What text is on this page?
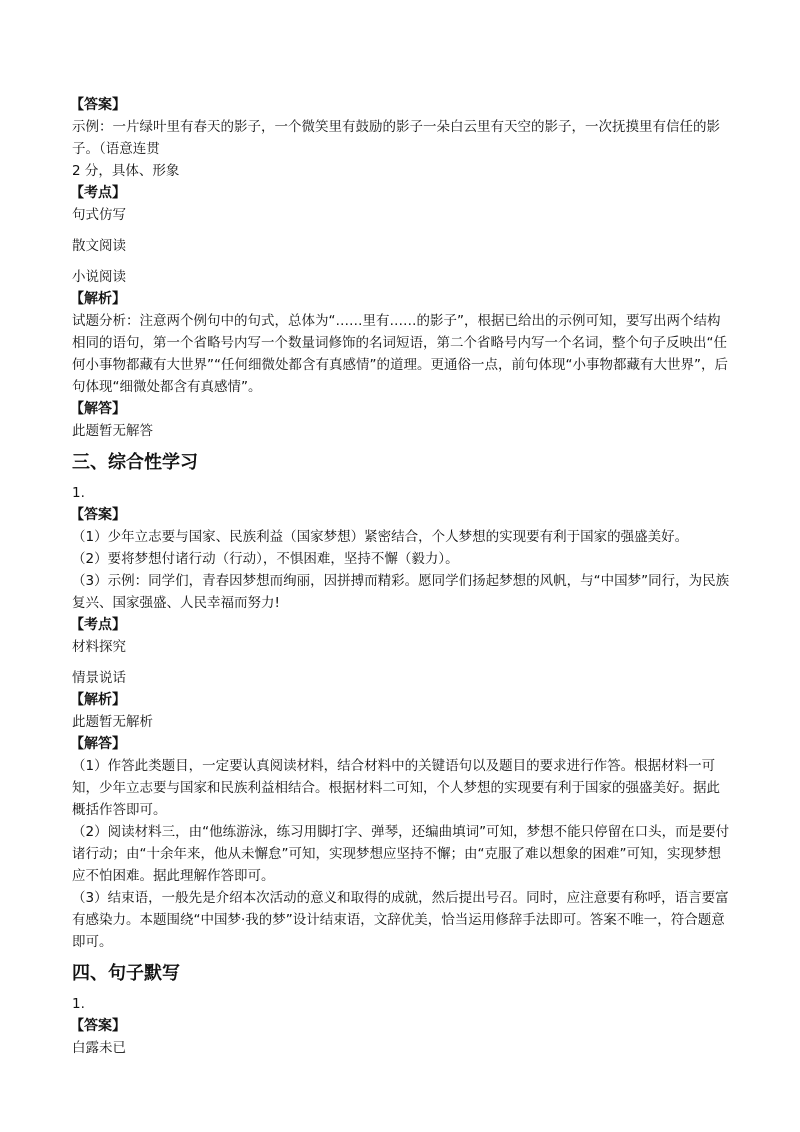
【答案】

示例：一片绿叶里有春天的影子，一个微笑里有鼓励的影子一朵白云里有天空的影子，一次抚摸里有信任的影子。（语意连贯

2 分，具体、形象

【考点】

句式仿写

散文阅读

小说阅读

【解析】

试题分析：注意两个例句中的句式，总体为“……里有……的影子”，根据已给出的示例可知，要写出两个结构相同的语句，第一个省略号内写一个数量词修饰的名词短语，第二个省略号内写一个名词，整个句子反映出“任何小事物都藏有大世界”“任何细微处都含有真感情”的道理。更通俗一点，前句体现“小事物都藏有大世界”，后句体现“细微处都含有真感情”。

【解答】

此题暂无解答

三、综合性学习

1.

【答案】

（1）少年立志要与国家、民族利益（国家梦想）紧密结合，个人梦想的实现要有利于国家的强盛美好。

（2）要将梦想付诸行动（行动），不惧困难，坚持不懈（毅力）。

（3）示例：同学们，青春因梦想而绚丽，因拼搏而精彩。愿同学们扬起梦想的风帆，与“中国梦”同行，为民族复兴、国家强盛、人民幸福而努力!

【考点】

材料探究

情景说话

【解析】

此题暂无解析

【解答】

（1）作答此类题目，一定要认真阅读材料，结合材料中的关键语句以及题目的要求进行作答。根据材料一可知，少年立志要与国家和民族利益相结合。根据材料二可知，个人梦想的实现要有利于国家的强盛美好。据此概括作答即可。

（2）阅读材料三，由“他练游泳，练习用脚打字、弹琴，还编曲填词”可知，梦想不能只停留在口头，而是要付诸行动；由“十余年来，他从未懈怠”可知，实现梦想应坚持不懈；由“克服了难以想象的困难”可知，实现梦想应不怕困难。据此理解作答即可。

（3）结束语，一般先是介绍本次活动的意义和取得的成就，然后提出号召。同时，应注意要有称呼，语言要富有感染力。本题围绕“中国梦·我的梦”设计结束语，文辞优美，恰当运用修辞手法即可。答案不唯一，符合题意即可。

四、句子默写

1.

【答案】

白露未已
